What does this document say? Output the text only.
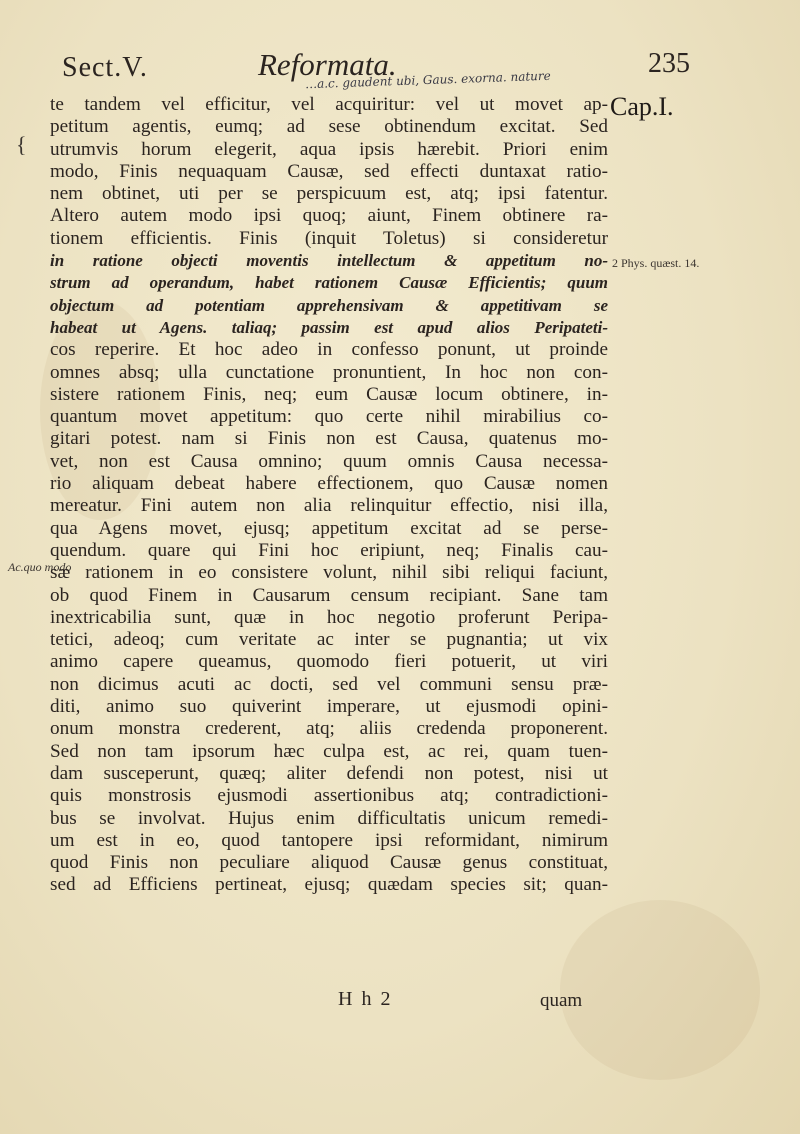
Sect.V.	Reformata.	235
Cap.I.
…a.c. gaudent ubi, Gaus. exorna. nature
{
Ac.quo modo
2 Phys. quæst. 14.
te tandem vel efficitur, vel acquiritur: vel ut movet ap-
petitum agentis, eumq; ad sese obtinendum excitat. Sed
utrumvis horum elegerit, aqua ipsis hærebit. Priori enim
modo, Finis nequaquam Causæ, sed effecti duntaxat ratio-
nem obtinet, uti per se perspicuum est, atq; ipsi fatentur.
Altero autem modo ipsi quoq; aiunt, Finem obtinere ra-
tionem efficientis. Finis (inquit Toletus) si consideretur
in ratione objecti moventis intellectum & appetitum no-
strum ad operandum, habet rationem Causæ Efficientis; quum
objectum ad potentiam apprehensivam & appetitivam se
habeat ut Agens. taliaq; passim est apud alios Peripateti-
cos reperire. Et hoc adeo in confesso ponunt, ut proinde
omnes absq; ulla cunctatione pronuntient, In hoc non con-
sistere rationem Finis, neq; eum Causæ locum obtinere, in-
quantum movet appetitum: quo certe nihil mirabilius co-
gitari potest. nam si Finis non est Causa, quatenus mo-
vet, non est Causa omnino; quum omnis Causa necessa-
rio aliquam debeat habere effectionem, quo Causæ nomen
mereatur. Fini autem non alia relinquitur effectio, nisi illa,
qua Agens movet, ejusq; appetitum excitat ad se perse-
quendum. quare qui Fini hoc eripiunt, neq; Finalis cau-
sæ rationem in eo consistere volunt, nihil sibi reliqui faciunt,
ob quod Finem in Causarum censum recipiant. Sane tam
inextricabilia sunt, quæ in hoc negotio proferunt Peripa-
tetici, adeoq; cum veritate ac inter se pugnantia; ut vix
animo capere queamus, quomodo fieri potuerit, ut viri
non dicimus acuti ac docti, sed vel communi sensu præ-
diti, animo suo quiverint imperare, ut ejusmodi opini-
onum monstra crederent, atq; aliis credenda proponerent.
Sed non tam ipsorum hæc culpa est, ac rei, quam tuen-
dam susceperunt, quæq; aliter defendi non potest, nisi ut
quis monstrosis ejusmodi assertionibus atq; contradictioni-
bus se involvat. Hujus enim difficultatis unicum remedi-
um est in eo, quod tantopere ipsi reformidant, nimirum
quod Finis non peculiare aliquod Causæ genus constituat,
sed ad Efficiens pertineat, ejusq; quædam species sit; quan-
H h 2	quam
